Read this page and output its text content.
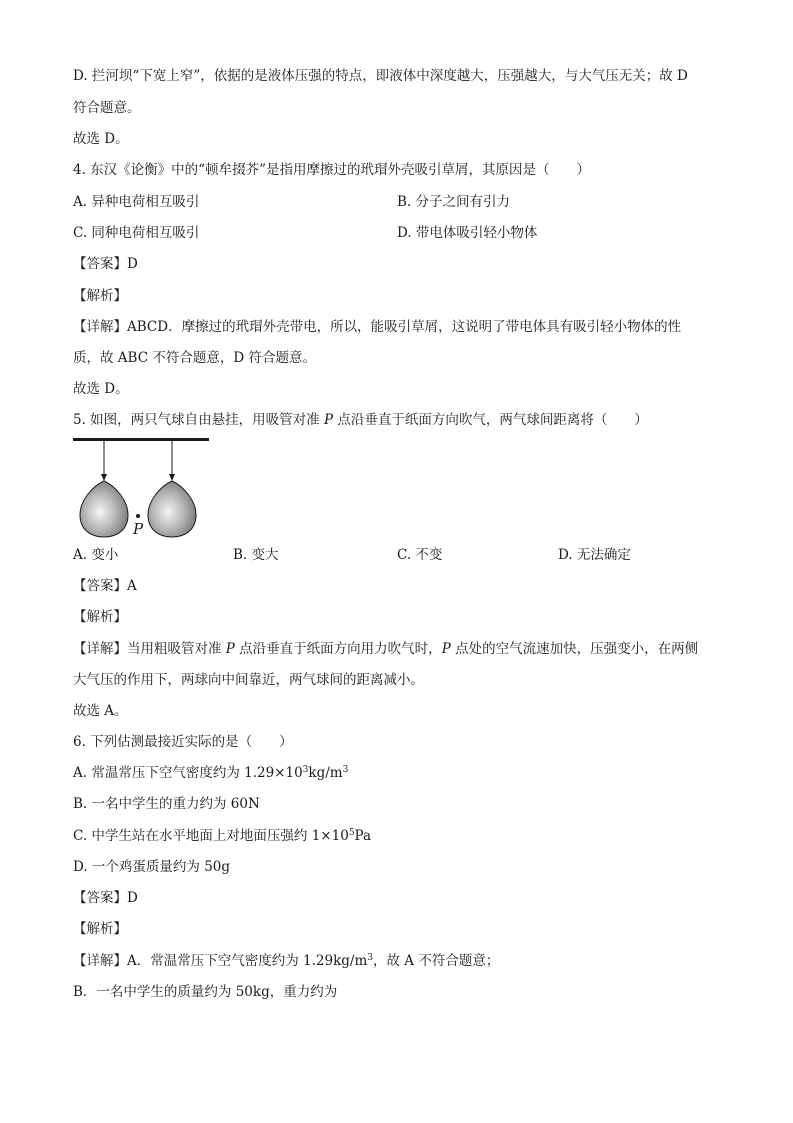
D. 拦河坝“下宽上窄”，依据的是液体压强的特点，即液体中深度越大，压强越大，与大气压无关；故 D
符合题意。
故选 D。
4. 东汉《论衡》中的“顿牟掇芥”是指用摩擦过的玳瑁外壳吸引草屑，其原因是（　　）
A. 异种电荷相互吸引	B. 分子之间有引力
C. 同种电荷相互吸引	D. 带电体吸引轻小物体
【答案】D
【解析】
【详解】ABCD．摩擦过的玳瑁外壳带电，所以，能吸引草屑，这说明了带电体具有吸引轻小物体的性
质，故 ABC 不符合题意，D 符合题意。
故选 D。
5. 如图，两只气球自由悬挂，用吸管对准 P 点沿垂直于纸面方向吹气，两气球间距离将（　　）
P
A. 变小	B. 变大	C. 不变	D. 无法确定
【答案】A
【解析】
【详解】当用粗吸管对准 P 点沿垂直于纸面方向用力吹气时，P 点处的空气流速加快，压强变小，在两侧
大气压的作用下，两球向中间靠近，两气球间的距离减小。
故选 A。
6. 下列估测最接近实际的是（　　）
A. 常温常压下空气密度约为 $1.29\times 10^3kg/m^3$
B. 一名中学生的重力约为 60N
C. 中学生站在水平地面上对地面压强约 $1\times 10^5Pa$
D. 一个鸡蛋质量约为 50g
【答案】D
【解析】
【详解】A．常温常压下空气密度约为 $1.29kg/m^3$，故 A 不符合题意；
B．一名中学生的质量约为 50kg，重力约为
